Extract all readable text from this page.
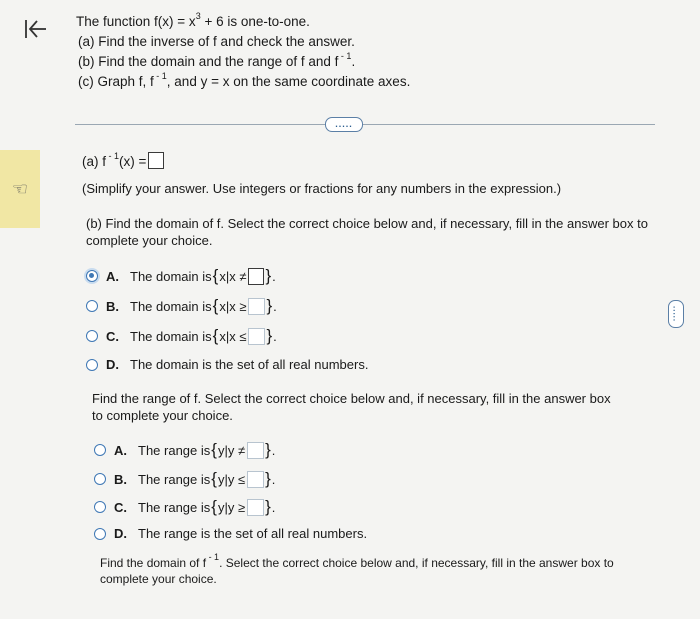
☜
The function $f(x) = x^3 + 6$ is one-to-one.
(a) Find the inverse of f and check the answer.
(b) Find the domain and the range of f and f $^{- 1}$.
(c) Graph f, f $^{- 1}$, and y = x on the same coordinate axes.
.....
.....
(a) f $^{- 1}$(x) =
(Simplify your answer. Use integers or fractions for any numbers in the expression.)
(b) Find the domain of f. Select the correct choice below and, if necessary, fill in the answer box to complete your choice.
A. The domain is { x | x ≠ } .
B. The domain is { x | x ≥ } .
C. The domain is { x | x ≤ } .
D. The domain is the set of all real numbers.
Find the range of f. Select the correct choice below and, if necessary, fill in the answer box to complete your choice.
A. The range is { y | y ≠ } .
B. The range is { y | y ≤ } .
C. The range is { y | y ≥ } .
D. The range is the set of all real numbers.
Find the domain of f $^{- 1}$. Select the correct choice below and, if necessary, fill in the answer box to complete your choice.
